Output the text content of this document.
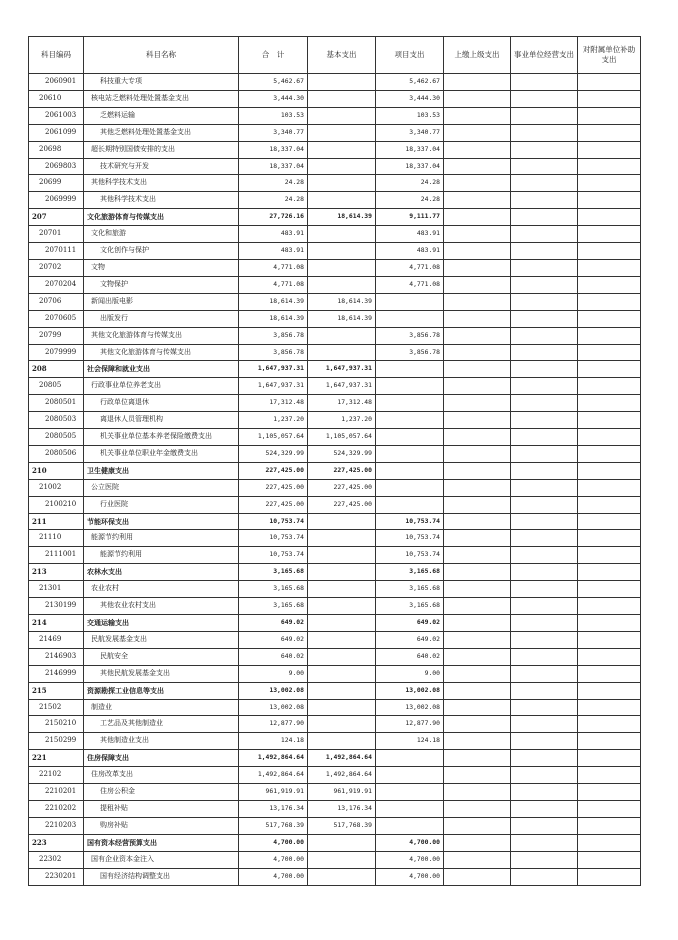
科目编码	科目名称	合　计	基本支出	项目支出	上缴上级支出	事业单位经营支出	对附属单位补助支出
2060901	科技重大专项	5,462.67		5,462.67			
20610	核电站乏燃料处理处置基金支出	3,444.30		3,444.30			
2061003	乏燃料运输	103.53		103.53			
2061099	其他乏燃料处理处置基金支出	3,340.77		3,340.77			
20698	超长期特别国债安排的支出	18,337.04		18,337.04			
2069803	技术研究与开发	18,337.04		18,337.04			
20699	其他科学技术支出	24.28		24.28			
2069999	其他科学技术支出	24.28		24.28			
207	文化旅游体育与传媒支出	27,726.16	18,614.39	9,111.77			
20701	文化和旅游	483.91		483.91			
2070111	文化创作与保护	483.91		483.91			
20702	文物	4,771.08		4,771.08			
2070204	文物保护	4,771.08		4,771.08			
20706	新闻出版电影	18,614.39	18,614.39				
2070605	出版发行	18,614.39	18,614.39				
20799	其他文化旅游体育与传媒支出	3,856.78		3,856.78			
2079999	其他文化旅游体育与传媒支出	3,856.78		3,856.78			
208	社会保障和就业支出	1,647,937.31	1,647,937.31				
20805	行政事业单位养老支出	1,647,937.31	1,647,937.31				
2080501	行政单位离退休	17,312.48	17,312.48				
2080503	离退休人员管理机构	1,237.20	1,237.20				
2080505	机关事业单位基本养老保险缴费支出	1,105,057.64	1,105,057.64				
2080506	机关事业单位职业年金缴费支出	524,329.99	524,329.99				
210	卫生健康支出	227,425.00	227,425.00				
21002	公立医院	227,425.00	227,425.00				
2100210	行业医院	227,425.00	227,425.00				
211	节能环保支出	10,753.74		10,753.74			
21110	能源节约利用	10,753.74		10,753.74			
2111001	能源节约利用	10,753.74		10,753.74			
213	农林水支出	3,165.68		3,165.68			
21301	农业农村	3,165.68		3,165.68			
2130199	其他农业农村支出	3,165.68		3,165.68			
214	交通运输支出	649.02		649.02			
21469	民航发展基金支出	649.02		649.02			
2146903	民航安全	640.02		640.02			
2146999	其他民航发展基金支出	9.00		9.00			
215	资源勘探工业信息等支出	13,002.08		13,002.08			
21502	制造业	13,002.08		13,002.08			
2150210	工艺品及其他制造业	12,877.90		12,877.90			
2150299	其他制造业支出	124.18		124.18			
221	住房保障支出	1,492,864.64	1,492,864.64				
22102	住房改革支出	1,492,864.64	1,492,864.64				
2210201	住房公积金	961,919.91	961,919.91				
2210202	提租补贴	13,176.34	13,176.34				
2210203	购房补贴	517,768.39	517,768.39				
223	国有资本经营预算支出	4,700.00		4,700.00			
22302	国有企业资本金注入	4,700.00		4,700.00			
2230201	国有经济结构调整支出	4,700.00		4,700.00			
